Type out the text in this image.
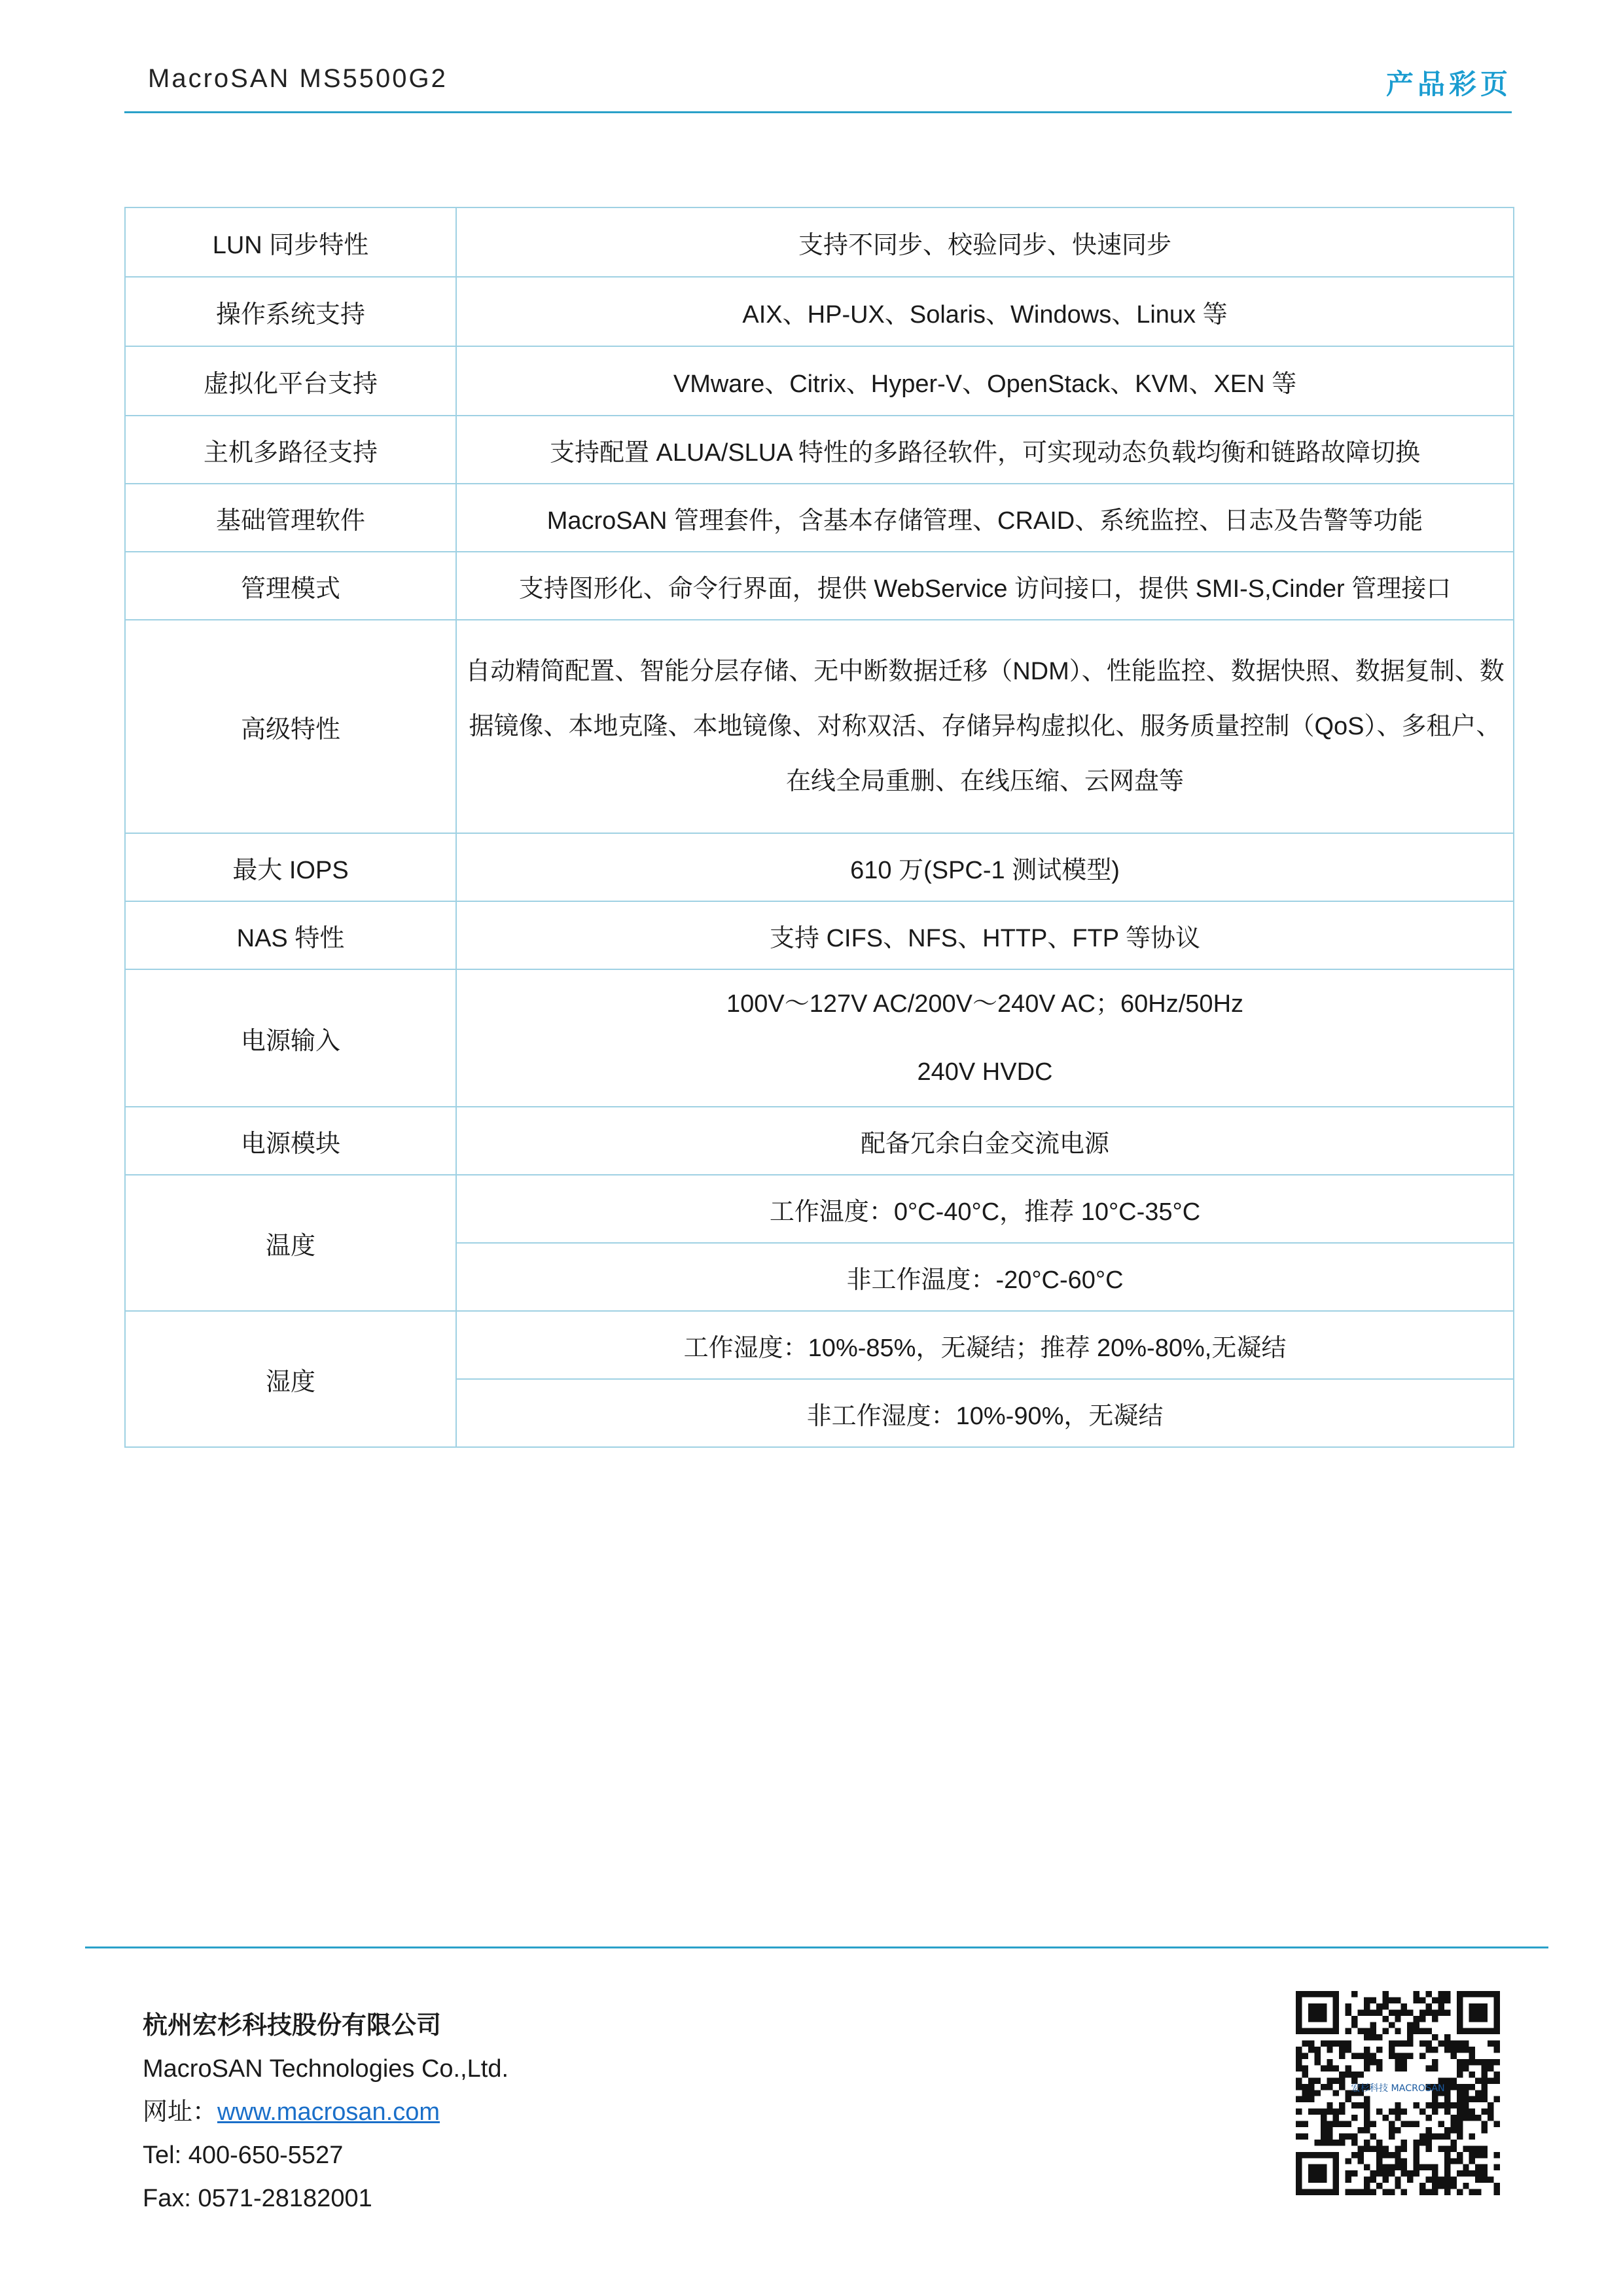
MacroSAN MS5500G2	产品彩页
LUN 同步特性	支持不同步、校验同步、快速同步
操作系统支持	AIX、HP-UX、Solaris、Windows、Linux 等
虚拟化平台支持	VMware、Citrix、Hyper-V、OpenStack、KVM、XEN 等
主机多路径支持	支持配置 ALUA/SLUA 特性的多路径软件，可实现动态负载均衡和链路故障切换
基础管理软件	MacroSAN 管理套件，含基本存储管理、CRAID、系统监控、日志及告警等功能
管理模式	支持图形化、命令行界面，提供 WebService 访问接口，提供 SMI-S,Cinder 管理接口
高级特性	自动精简配置、智能分层存储、无中断数据迁移（NDM）、性能监控、数据快照、数据复制、数据镜像、本地克隆、本地镜像、对称双活、存储异构虚拟化、服务质量控制（QoS）、多租户、在线全局重删、在线压缩、云网盘等
最大 IOPS	610 万(SPC-1 测试模型)
NAS 特性	支持 CIFS、NFS、HTTP、FTP 等协议
电源输入	100V～127V AC/200V～240V AC；60Hz/50Hz
240V HVDC

电源模块	配备冗余白金交流电源
温度	工作温度：0°C-40°C，推荐 10°C-35°C
	非工作温度：-20°C-60°C
湿度	工作湿度：10%-85%，无凝结；推荐 20%-80%,无凝结
	非工作湿度：10%-90%，无凝结
杭州宏杉科技股份有限公司
MacroSAN Technologies Co.,Ltd.
网址：www.macrosan.com
Tel: 400-650-5527
Fax: 0571-28182001
宏杉科技 MACROSAN
